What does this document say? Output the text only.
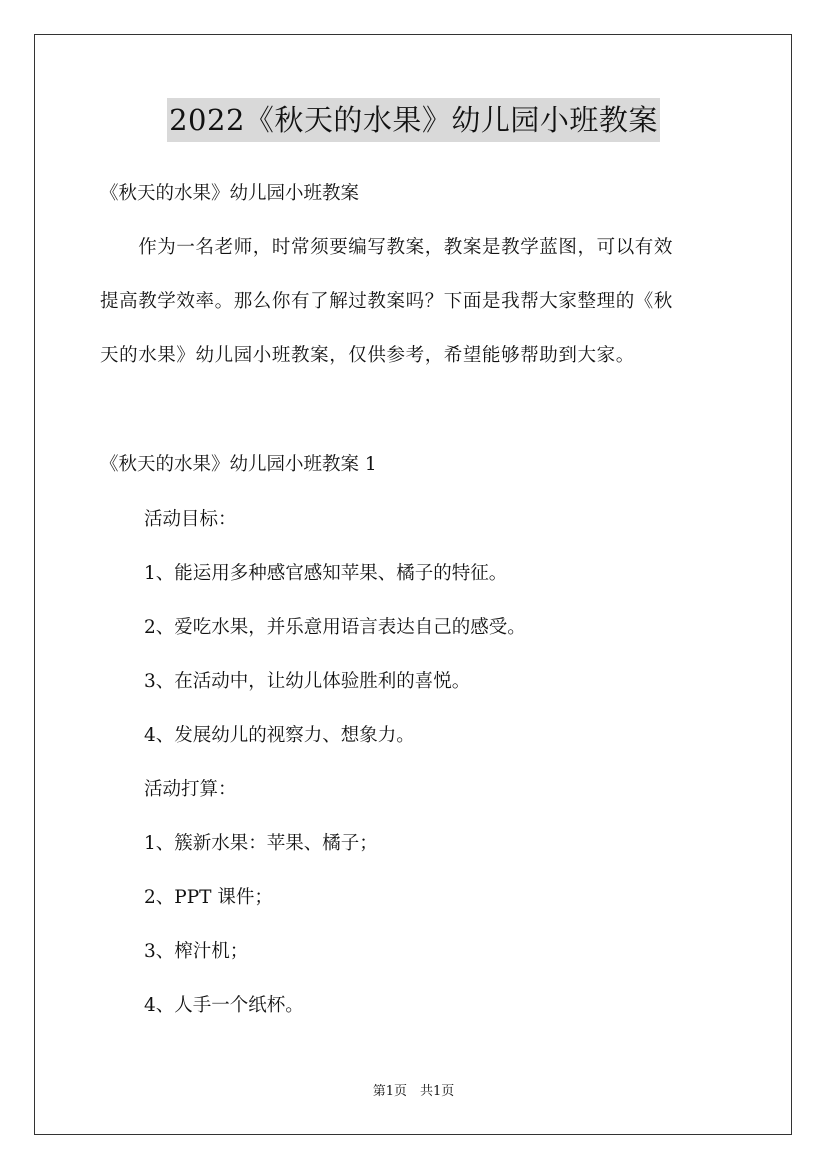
2022《秋天的水果》幼儿园小班教案
《秋天的水果》幼儿园小班教案
　　作为一名老师，时常须要编写教案，教案是教学蓝图，可以有效
提高教学效率。那么你有了解过教案吗？下面是我帮大家整理的《秋
天的水果》幼儿园小班教案，仅供参考，希望能够帮助到大家。
《秋天的水果》幼儿园小班教案 1
活动目标：
1、能运用多种感官感知苹果、橘子的特征。
2、爱吃水果，并乐意用语言表达自己的感受。
3、在活动中，让幼儿体验胜利的喜悦。
4、发展幼儿的视察力、想象力。
活动打算：
1、簇新水果：苹果、橘子；
2、PPT 课件；
3、榨汁机；
4、人手一个纸杯。
第1页　共1页
